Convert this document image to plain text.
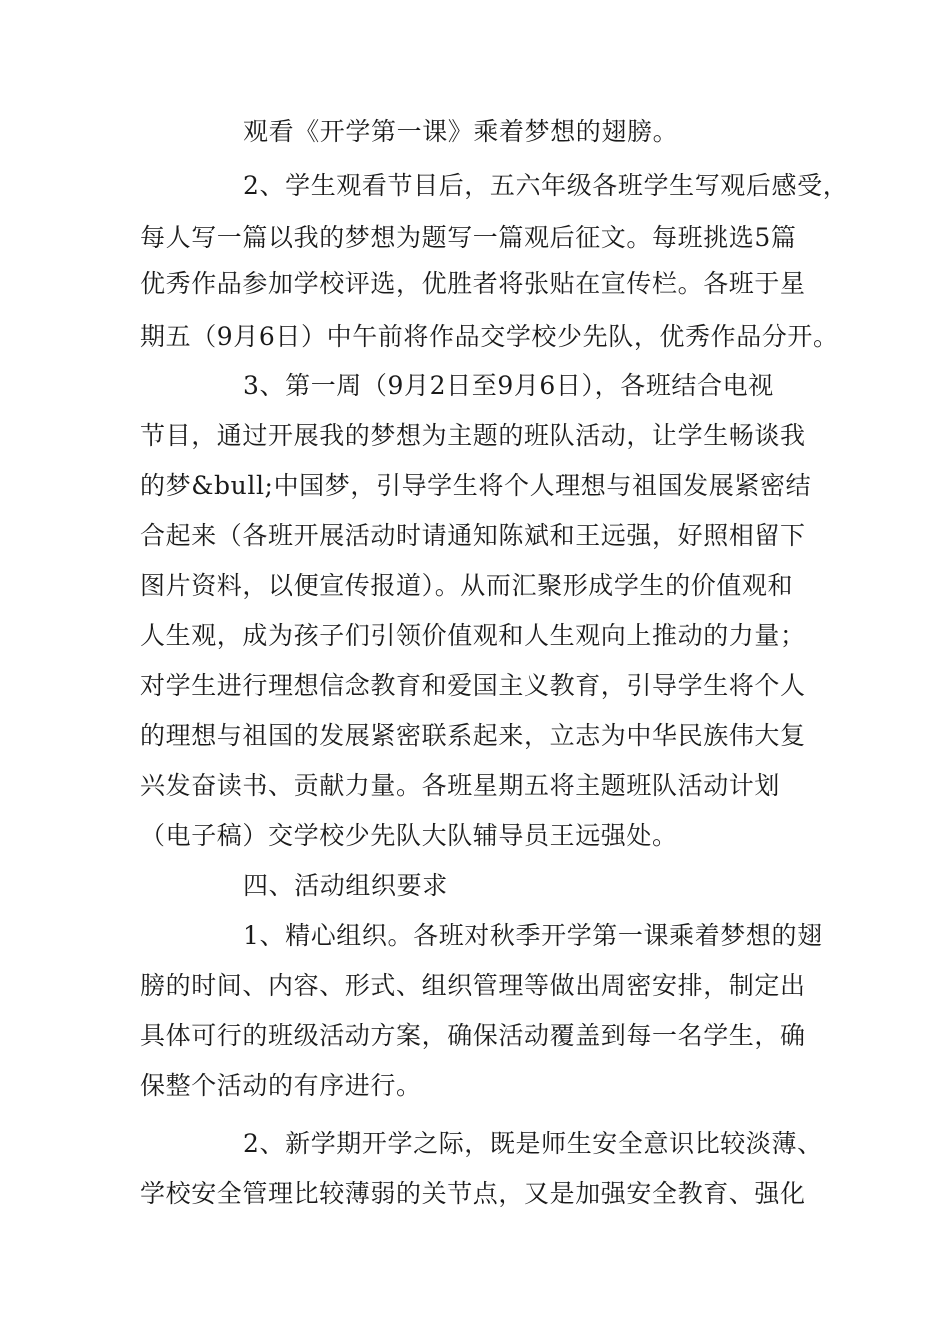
观看《开学第一课》乘着梦想的翅膀。
2、学生观看节目后，五六年级各班学生写观后感受，
每人写一篇以我的梦想为题写一篇观后征文。每班挑选5篇
优秀作品参加学校评选，优胜者将张贴在宣传栏。各班于星
期五（9月6日）中午前将作品交学校少先队，优秀作品分开。
3、第一周（9月2日至9月6日），各班结合电视
节目，通过开展我的梦想为主题的班队活动，让学生畅谈我
的梦&bull;中国梦，引导学生将个人理想与祖国发展紧密结
合起来（各班开展活动时请通知陈斌和王远强，好照相留下
图片资料，以便宣传报道）。从而汇聚形成学生的价值观和
人生观，成为孩子们引领价值观和人生观向上推动的力量；
对学生进行理想信念教育和爱国主义教育，引导学生将个人
的理想与祖国的发展紧密联系起来，立志为中华民族伟大复
兴发奋读书、贡献力量。各班星期五将主题班队活动计划
（电子稿）交学校少先队大队辅导员王远强处。
四、活动组织要求
1、精心组织。各班对秋季开学第一课乘着梦想的翅
膀的时间、内容、形式、组织管理等做出周密安排，制定出
具体可行的班级活动方案，确保活动覆盖到每一名学生，确
保整个活动的有序进行。
2、新学期开学之际，既是师生安全意识比较淡薄、
学校安全管理比较薄弱的关节点，又是加强安全教育、强化
